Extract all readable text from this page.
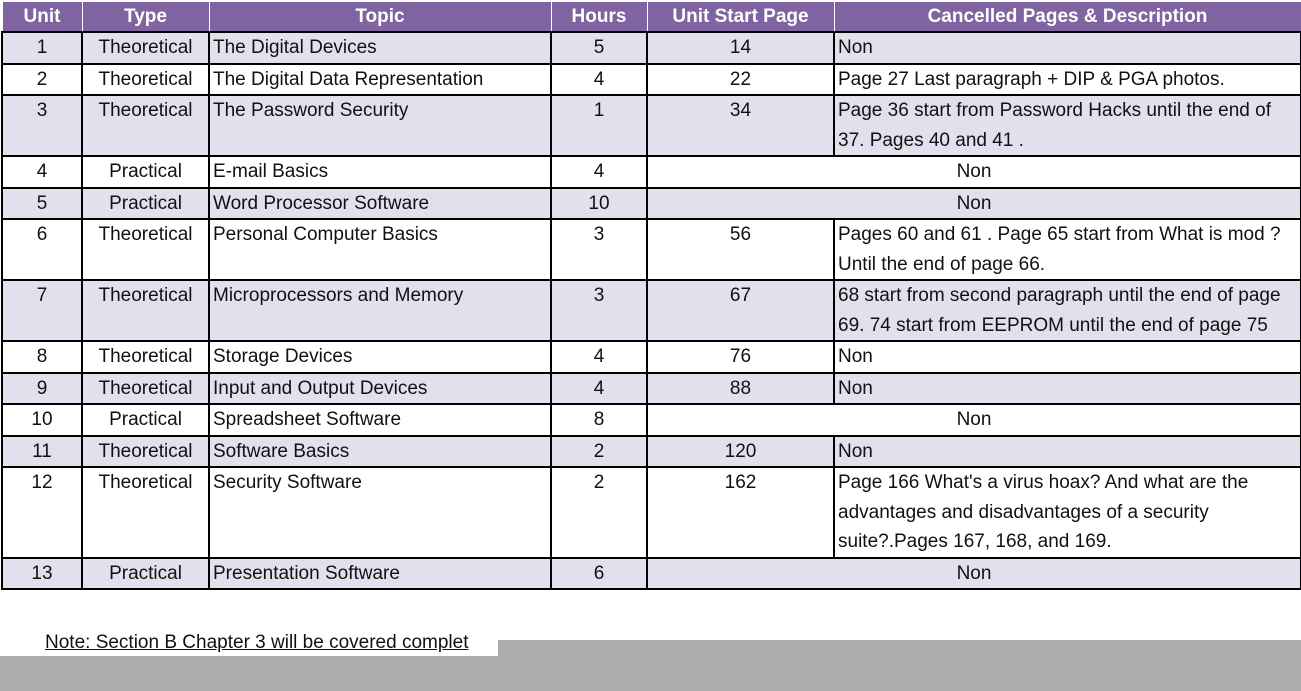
Unit	Type	Topic	Hours	Unit Start Page	Cancelled Pages & Description
1	Theoretical	The Digital Devices	5	14	Non
2	Theoretical	The Digital Data Representation	4	22	Page 27 Last paragraph + DIP & PGA photos.
3	Theoretical	The Password Security	1	34	Page 36 start from Password Hacks until the end of 37. Pages 40 and 41 .
4	Practical	E-mail Basics	4	Non	
5	Practical	Word Processor Software	10	Non	
6	Theoretical	Personal Computer Basics	3	56	Pages 60 and 61 . Page 65 start from What is mod ? Until the end of page 66.
7	Theoretical	Microprocessors and Memory	3	67	68 start from second paragraph until the end of page 69. 74 start from EEPROM until the end of page 75
8	Theoretical	Storage Devices	4	76	Non
9	Theoretical	Input and Output Devices	4	88	Non
10	Practical	Spreadsheet Software	8	Non	
11	Theoretical	Software Basics	2	120	Non
12	Theoretical	Security Software	2	162	Page 166 What's a virus hoax? And what are the advantages and disadvantages of a security suite?.Pages 167, 168, and 169.
13	Practical	Presentation Software	6	Non	
Note: Section B Chapter 3 will be covered complet
